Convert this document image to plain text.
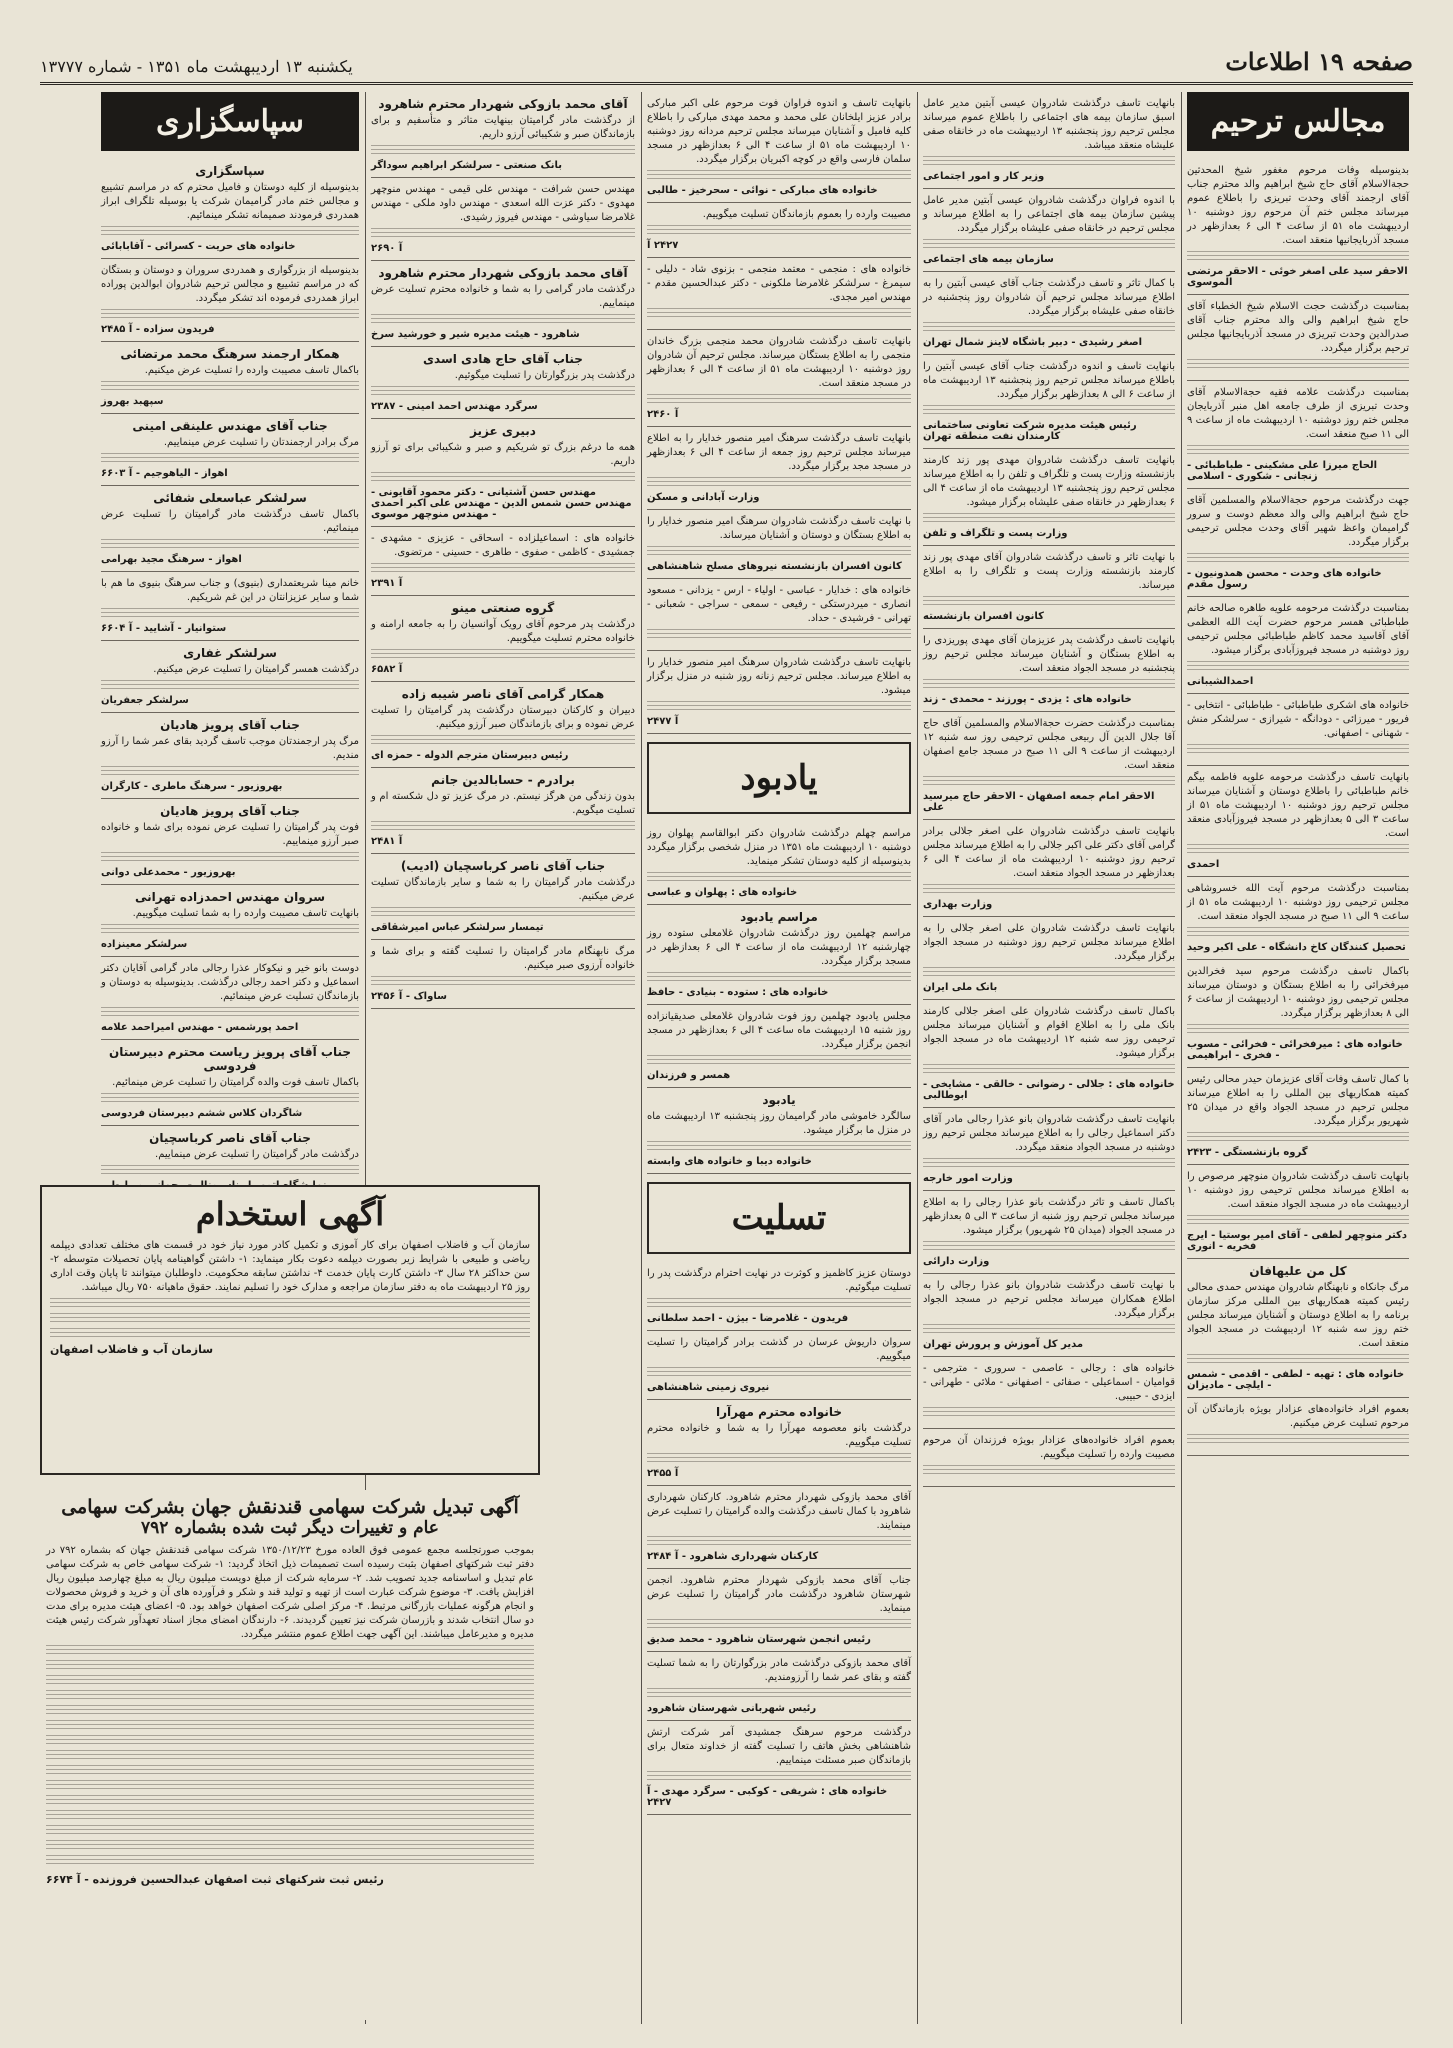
صفحه ۱۹ اطلاعات
یکشنبه ۱۳ اردیبهشت ماه ۱۳۵۱ - شماره ۱۳۷۷۷
مجالس ترحیم

بدینوسیله وفات مرحوم مغفور شیخ المحدثین حجةالاسلام آقای حاج شیخ ابراهیم والد محترم جناب آقای ارجمند آقای وحدت تبریزی را باطلاع عموم میرساند مجلس ختم آن مرحوم روز دوشنبه ۱۰ اردیبهشت ماه ۵۱ از ساعت ۴ الی ۶ بعدازظهر در مسجد آذربایجانیها منعقد است.

الاحقر سید علی اصغر خوئی - الاحقر مرتضی الموسوی

بمناسبت درگذشت حجت الاسلام شیخ الخطباء آقای حاج شیخ ابراهیم والی والد محترم جناب آقای صدرالدین وحدت تبریزی در مسجد آذربایجانیها مجلس ترحیم برگزار میگردد.

بمناسبت درگذشت علامه فقیه حجةالاسلام آقای وحدت تبریزی از طرف جامعه اهل منبر آذربایجان مجلس ختم روز دوشنبه ۱۰ اردیبهشت ماه از ساعت ۹ الی ۱۱ صبح منعقد است.

الحاج میرزا علی مشکینی - طباطبائی - زنجانی - شکوری - اسلامی

جهت درگذشت مرحوم حجةالاسلام والمسلمین آقای حاج شیخ ابراهیم والی والد معظم دوست و سرور گرامیمان واعظ شهیر آقای وحدت مجلس ترحیمی برگزار میگردد.

خانواده های وحدت - محسن همدونیون - رسول مقدم

بمناسبت درگذشت مرحومه علویه طاهره صالحه خانم طباطبائی همسر مرحوم حضرت آیت الله العظمی آقای آقاسید محمد کاظم طباطبائی مجلس ترحیمی روز دوشنبه در مسجد فیروزآبادی برگزار میشود.

احمدالشیبانی

خانواده های اشکری طباطبائی - طباطبائی - انتخابی - فریور - میرزائی - دودانگه - شیرازی - سرلشکر منش - شهنانی - اصفهانی.

بانهایت تاسف درگذشت مرحومه علویه فاطمه بیگم خانم طباطبائی را باطلاع دوستان و آشنایان میرساند مجلس ترحیم روز دوشنبه ۱۰ اردیبهشت ماه ۵۱ از ساعت ۳ الی ۵ بعدازظهر در مسجد فیروزآبادی منعقد است.

احمدی

بمناسبت درگذشت مرحوم آیت الله خسروشاهی مجلس ترحیمی روز دوشنبه ۱۰ اردیبهشت ماه ۵۱ از ساعت ۹ الی ۱۱ صبح در مسجد الجواد منعقد است.

تحصیل کنندگان کاخ دانشگاه - علی اکبر وحید

باکمال تاسف درگذشت مرحوم سید فخرالدین میرفخرائی را به اطلاع بستگان و دوستان میرساند مجلس ترحیمی روز دوشنبه ۱۰ اردیبهشت از ساعت ۶ الی ۸ بعدازظهر برگزار میگردد.

خانواده های : میرفخرائی - فخرائی - مسوب - فخری - ابراهیمی

با کمال تاسف وفات آقای عزیزمان حیدر محالی رئیس کمیته همکاریهای بین المللی را به اطلاع میرساند مجلس ترحیم در مسجد الجواد واقع در میدان ۲۵ شهریور برگزار میگردد.

گروه بازنشستگی - ۲۴۲۳

بانهایت تاسف درگذشت شادروان منوچهر مرصوص را به اطلاع میرساند مجلس ترحیمی روز دوشنبه ۱۰ اردیبهشت ماه در مسجد الجواد منعقد است.

دکتر منوچهر لطفی - آقای امیر بوستیا - ایرج فخریه - انوری
کل من علیهافان

مرگ جانکاه و نابهنگام شادروان مهندس حمدی محالی رئیس کمیته همکاریهای بین المللی مرکز سازمان برنامه را به اطلاع دوستان و آشنایان میرساند مجلس ختم روز سه شنبه ۱۲ اردیبهشت در مسجد الجواد منعقد است.

خانواده های : تهیه - لطفی - اقدمی - شمس - ایلچی - مادیزان

بعموم افراد خانواده‌های عزادار بویژه بازماندگان آن مرحوم تسلیت عرض میکنیم.

بانهایت تاسف درگذشت شادروان عیسی آبتین مدیر عامل اسبق سازمان بیمه های اجتماعی را باطلاع عموم میرساند مجلس ترحیم روز پنجشنبه ۱۳ اردیبهشت ماه در خانقاه صفی علیشاه منعقد میباشد.

وزیر کار و امور اجتماعی

با اندوه فراوان درگذشت شادروان عیسی آبتین مدیر عامل پیشین سازمان بیمه های اجتماعی را به اطلاع میرساند و مجلس ترحیم در خانقاه صفی علیشاه برگزار میگردد.

سازمان بیمه های اجتماعی

با کمال تاثر و تاسف درگذشت جناب آقای عیسی آبتین را به اطلاع میرساند مجلس ترحیم آن شادروان روز پنجشنبه در خانقاه صفی علیشاه برگزار میگردد.

اصغر رشیدی - دبیر باشگاه لاینز شمال تهران

بانهایت تاسف و اندوه درگذشت جناب آقای عیسی آبتین را باطلاع میرساند مجلس ترحیم روز پنجشنبه ۱۳ اردیبهشت ماه از ساعت ۶ الی ۸ بعدازظهر برگزار میگردد.

رئیس هیئت مدیره شرکت تعاونی ساختمانی کارمندان نفت منطقه تهران

بانهایت تاسف درگذشت شادروان مهدی پور زند کارمند بازنشسته وزارت پست و تلگراف و تلفن را به اطلاع میرساند مجلس ترحیم روز پنجشنبه ۱۳ اردیبهشت ماه از ساعت ۴ الی ۶ بعدازظهر در خانقاه صفی علیشاه برگزار میشود.

وزارت پست و تلگراف و تلفن

با نهایت تاثر و تاسف درگذشت شادروان آقای مهدی پور زند کارمند بازنشسته وزارت پست و تلگراف را به اطلاع میرساند.

کانون افسران بازنشسته

بانهایت تاسف درگذشت پدر عزیزمان آقای مهدی پوریزدی را به اطلاع بستگان و آشنایان میرساند مجلس ترحیم روز پنجشنبه در مسجد الجواد منعقد است.

خانواده های : یزدی - پورزند - محمدی - زند

بمناسبت درگذشت حضرت حجةالاسلام والمسلمین آقای حاج آقا جلال الدین آل ربیعی مجلس ترحیمی روز سه شنبه ۱۲ اردیبهشت از ساعت ۹ الی ۱۱ صبح در مسجد جامع اصفهان منعقد است.

الاحقر امام جمعه اصفهان - الاحقر حاج میرسید علی

بانهایت تاسف درگذشت شادروان علی اصغر جلالی برادر گرامی آقای دکتر علی اکبر جلالی را به اطلاع میرساند مجلس ترحیم روز دوشنبه ۱۰ اردیبهشت ماه از ساعت ۴ الی ۶ بعدازظهر در مسجد الجواد منعقد است.

وزارت بهداری

بانهایت تاسف درگذشت شادروان علی اصغر جلالی را به اطلاع میرساند مجلس ترحیم روز دوشنبه در مسجد الجواد برگزار میگردد.

بانک ملی ایران

باکمال تاسف درگذشت شادروان علی اصغر جلالی کارمند بانک ملی را به اطلاع اقوام و آشنایان میرساند مجلس ترحیمی روز سه شنبه ۱۲ اردیبهشت ماه در مسجد الجواد برگزار میشود.

خانواده های : جلالی - رضوانی - خالقی - مشایخی - ابوطالبی

بانهایت تاسف درگذشت شادروان بانو عذرا رجالی مادر آقای دکتر اسماعیل رجالی را به اطلاع میرساند مجلس ترحیم روز دوشنبه در مسجد الجواد منعقد میگردد.

وزارت امور خارجه

باکمال تاسف و تاثر درگذشت بانو عذرا رجالی را به اطلاع میرساند مجلس ترحیم روز شنبه از ساعت ۳ الی ۵ بعدازظهر در مسجد الجواد (میدان ۲۵ شهریور) برگزار میشود.

وزارت دارائی

با نهایت تاسف درگذشت شادروان بانو عذرا رجالی را به اطلاع همکاران میرساند مجلس ترحیم در مسجد الجواد برگزار میگردد.

مدیر کل آموزش و پرورش تهران

خانواده های : رجالی - عاصمی - سروری - مترجمی - قوامیان - اسماعیلی - صفائی - اصفهانی - ملائی - طهرانی - ایزدی - حبیبی.

بعموم افراد خانواده‌های عزادار بویژه فرزندان آن مرحوم مصیبت وارده را تسلیت میگوییم.

بانهایت تاسف و اندوه فراوان فوت مرحوم علی اکبر مبارکی برادر عزیز ایلخانان علی محمد و محمد مهدی مبارکی را باطلاع کلیه فامیل و آشنایان میرساند مجلس ترحیم مردانه روز دوشنبه ۱۰ اردیبهشت ماه ۵۱ از ساعت ۴ الی ۶ بعدازظهر در مسجد سلمان فارسی واقع در کوچه اکبریان برگزار میگردد.

خانواده های مبارکی - نوائی - سحرخیز - طالبی

مصیبت وارده را بعموم بازماندگان تسلیت میگوییم.

۲۴۲۷ آ

خانواده های : منجمی - معتمد منجمی - بزنوی شاد - دلیلی - سیمرغ - سرلشکر غلامرضا ملکونی - دکتر عبدالحسین مقدم - مهندس امیر مجدی.

بانهایت تاسف درگذشت شادروان محمد منجمی بزرگ خاندان منجمی را به اطلاع بستگان میرساند. مجلس ترحیم آن شادروان روز دوشنبه ۱۰ اردیبهشت ماه ۵۱ از ساعت ۴ الی ۶ بعدازظهر در مسجد منعقد است.

آ ۲۴۶۰

بانهایت تاسف درگذشت سرهنگ امیر منصور خدایار را به اطلاع میرساند مجلس ترحیم روز جمعه از ساعت ۴ الی ۶ بعدازظهر در مسجد مجد برگزار میگردد.

وزارت آبادانی و مسکن

با نهایت تاسف درگذشت شادروان سرهنگ امیر منصور خدایار را به اطلاع بستگان و دوستان و آشنایان میرساند.

کانون افسران بازنشسته نیروهای مسلح شاهنشاهی

خانواده های : خدایار - عباسی - اولیاء - ارس - یزدانی - مسعود انصاری - میردرستکی - رفیعی - سمعی - سراجی - شعبانی - تهرانی - فرشیدی - حداد.

بانهایت تاسف درگذشت شادروان سرهنگ امیر منصور خدایار را به اطلاع میرساند. مجلس ترحیم زنانه روز شنبه در منزل برگزار میشود.

آ ۲۴۷۷
یادبود

مراسم چهلم درگذشت شادروان دکتر ابوالقاسم پهلوان روز دوشنبه ۱۰ اردیبهشت ماه ۱۳۵۱ در منزل شخصی برگزار میگردد بدینوسیله از کلیه دوستان تشکر مینماید.

خانواده های : پهلوان و عباسی
مراسم یادبود

مراسم چهلمین روز درگذشت شادروان غلامعلی ستوده روز چهارشنبه ۱۲ اردیبهشت ماه از ساعت ۴ الی ۶ بعدازظهر در مسجد برگزار میگردد.

خانواده های : ستوده - بنیادی - حافظ

مجلس یادبود چهلمین روز فوت شادروان غلامعلی صدیقیانزاده روز شنبه ۱۵ اردیبهشت ماه ساعت ۴ الی ۶ بعدازظهر در مسجد انجمن برگزار میگردد.

همسر و فرزندان
یادبود

سالگرد خاموشی مادر گرامیمان روز پنجشنبه ۱۳ اردیبهشت ماه در منزل ما برگزار میشود.

خانواده دیبا و خانواده های وابسته
تسلیت

دوستان عزیز کاظمیز و کوثرت در نهایت احترام درگذشت پدر را تسلیت میگوئیم.

فریدون - غلامرضا - بیژن - احمد سلطانی

سروان داریوش عرسان در گذشت برادر گرامیتان را تسلیت میگوییم.

نیروی زمینی شاهنشاهی
خانواده محترم مهرآرا

درگذشت بانو معصومه مهرآرا را به شما و خانواده محترم تسلیت میگوییم.

آ ۲۴۵۵

آقای محمد بازوکی شهردار محترم شاهرود. کارکنان شهرداری شاهرود با کمال تاسف درگذشت والده گرامیتان را تسلیت عرض مینمایند.

کارکنان شهرداری شاهرود - آ ۲۴۸۴

جناب آقای محمد بازوکی شهردار محترم شاهرود. انجمن شهرستان شاهرود درگذشت مادر گرامیتان را تسلیت عرض مینماید.

رئیس انجمن شهرستان شاهرود - محمد صدیق

آقای محمد بازوکی درگذشت مادر بزرگوارتان را به شما تسلیت گفته و بقای عمر شما را آرزومندیم.

رئیس شهربانی شهرستان شاهرود

درگذشت مرحوم سرهنگ جمشیدی آمر شرکت ارتش شاهنشاهی بخش هاتف را تسلیت گفته از خداوند متعال برای بازماندگان صبر مسئلت مینماییم.

خانواده های : شریفی - کوکبی - سرگرد مهدی - آ ۲۴۲۷
آقای محمد بازوکی شهردار محترم شاهرود

از درگذشت مادر گرامیتان بینهایت متاثر و متأسفیم و برای بازماندگان صبر و شکیبائی آرزو داریم.

بانک صنعتی - سرلشکر ابراهیم سوداگر

مهندس حسن شرافت - مهندس علی قیمی - مهندس منوچهر مهدوی - دکتر عزت الله اسعدی - مهندس داود ملکی - مهندس غلامرضا سیاوشی - مهندس فیروز رشیدی.

آ ۲۶۹۰
آقای محمد بازوکی شهردار محترم شاهرود

درگذشت مادر گرامی را به شما و خانواده محترم تسلیت عرض مینماییم.

شاهرود - هیئت مدیره شیر و خورشید سرخ
جناب آقای حاج هادی اسدی

درگذشت پدر بزرگوارتان را تسلیت میگوئیم.

سرگرد مهندس احمد امینی - ۲۳۸۷
دبیری عزیز

همه ما درغم بزرگ تو شریکیم و صبر و شکیبائی برای تو آرزو داریم.

مهندس حسن آشتیانی - دکتر محمود آقایونی - مهندس حسن شمس الدین - مهندس علی اکبر احمدی - مهندس منوچهر موسوی

خانواده های : اسماعیلزاده - اسحاقی - عزیزی - مشهدی - جمشیدی - کاظمی - صفوی - طاهری - حسینی - مرتضوی.

آ ۲۳۹۱
گروه صنعتی مینو

درگذشت پدر مرحوم آقای رویک آوانسیان را به جامعه ارامنه و خانواده محترم تسلیت میگوییم.

آ ۶۵۸۲
همکار گرامی آقای ناصر شیبه زاده

دبیران و کارکنان دبیرستان درگذشت پدر گرامیتان را تسلیت عرض نموده و برای بازماندگان صبر آرزو میکنیم.

رئیس دبیرستان مترجم الدوله - حمزه ای
برادرم - حسابالدین جانم

بدون زندگی من هرگز نیستم. در مرگ عزیز تو دل شکسته ام و تسلیت میگویم.

آ ۲۴۸۱
جناب آقای ناصر کرباسچیان (ادیب)

درگذشت مادر گرامیتان را به شما و سایر بازماندگان تسلیت عرض میکنیم.

تیمسار سرلشکر عباس امیرشقاقی

مرگ نابهنگام مادر گرامیتان را تسلیت گفته و برای شما و خانواده آرزوی صبر میکنیم.

ساواک - آ ۲۴۵۶
سپاسگزاری
سپاسگزاری

بدینوسیله از کلیه دوستان و فامیل محترم که در مراسم تشییع و مجالس ختم مادر گرامیمان شرکت یا بوسیله تلگراف ابراز همدردی فرمودند صمیمانه تشکر مینمائیم.

خانواده های حریت - کسرائی - آقابابائی

بدینوسیله از بزرگواری و همدردی سروران و دوستان و بستگان که در مراسم تشییع و مجالس ترحیم شادروان ابوالدین پوراده ابراز همدردی فرموده اند تشکر میگردد.

فریدون سزاده - آ ۲۴۸۵
همکار ارجمند سرهنگ محمد مرتضائی

باکمال تاسف مصیبت وارده را تسلیت عرض میکنیم.

سپهبد بهروز
جناب آقای مهندس علینقی امینی

مرگ برادر ارجمندتان را تسلیت عرض مینماییم.

اهواز - الیاهوجیم - آ ۶۶۰۳
سرلشکر عباسعلی شفائی

باکمال تاسف درگذشت مادر گرامیتان را تسلیت عرض مینمائیم.

اهواز - سرهنگ مجید بهرامی

خانم مینا شریعتمداری (بنیوی) و جناب سرهنگ بنیوی ما هم با شما و سایر عزیزانتان در این غم شریکیم.

ستوانیار - آشایید - آ ۶۶۰۴
سرلشکر غفاری

درگذشت همسر گرامیتان را تسلیت عرض میکنیم.

سرلشکر جعفریان
جناب آقای پرویز هادیان

مرگ پدر ارجمندتان موجب تاسف گردید بقای عمر شما را آرزو مندیم.

بهروزیور - سرهنگ ماطری - کارگران
جناب آقای پرویز هادیان

فوت پدر گرامیتان را تسلیت عرض نموده برای شما و خانواده صبر آرزو مینماییم.

بهروزیور - محمدعلی دوانی
سروان مهندس احمدزاده تهرانی

بانهایت تاسف مصیبت وارده را به شما تسلیت میگوییم.

سرلشکر معینزاده

دوست بانو خیر و نیکوکار عذرا رجالی مادر گرامی آقایان دکتر اسماعیل و دکتر احمد رجالی درگذشت. بدینوسیله به دوستان و بازماندگان تسلیت عرض مینمائیم.

احمد پورشمس - مهندس امیراحمد علامه
جناب آقای پرویز ریاست محترم دبیرستان فردوسی

باکمال تاسف فوت والده گرامیتان را تسلیت عرض مینمائیم.

شاگردان کلاس ششم دبیرستان فردوسی
جناب آقای ناصر کرباسچیان

درگذشت مادر گرامیتان را تسلیت عرض مینماییم.

آگهی استخدام

سازمان آب و فاضلاب اصفهان برای کار آموزی و تکمیل کادر مورد نیاز خود در قسمت های مختلف تعدادی دیپلمه ریاضی و طبیعی با شرایط زیر بصورت دیپلمه دعوت بکار مینماید: ۱- داشتن گواهینامه پایان تحصیلات متوسطه ۲- سن حداکثر ۲۸ سال ۳- داشتن کارت پایان خدمت ۴- نداشتن سابقه محکومیت. داوطلبان میتوانند تا پایان وقت اداری روز ۲۵ اردیبهشت ماه به دفتر سازمان مراجعه و مدارک خود را تسلیم نمایند. حقوق ماهیانه ۷۵۰ ریال میباشد.

سازمان آب و فاضلاب اصفهان
آگهی تبدیل شرکت سهامی قندنقش جهان بشرکت سهامی
عام و تغییرات دیگر ثبت شده بشماره ۷۹۲

بموجب صورتجلسه مجمع عمومی فوق العاده مورخ ۱۳۵۰/۱۲/۲۳ شرکت سهامی قندنقش جهان که بشماره ۷۹۲ در دفتر ثبت شرکتهای اصفهان بثبت رسیده است تصمیمات ذیل اتخاذ گردید: ۱- شرکت سهامی خاص به شرکت سهامی عام تبدیل و اساسنامه جدید تصویب شد. ۲- سرمایه شرکت از مبلغ دویست میلیون ریال به مبلغ چهارصد میلیون ریال افزایش یافت. ۳- موضوع شرکت عبارت است از تهیه و تولید قند و شکر و فرآورده های آن و خرید و فروش محصولات و انجام هرگونه عملیات بازرگانی مرتبط. ۴- مرکز اصلی شرکت اصفهان خواهد بود. ۵- اعضای هیئت مدیره برای مدت دو سال انتخاب شدند و بازرسان شرکت نیز تعیین گردیدند. ۶- دارندگان امضای مجاز اسناد تعهدآور شرکت رئیس هیئت مدیره و مدیرعامل میباشند. این آگهی جهت اطلاع عموم منتشر میگردد.

رئیس ثبت شرکتهای ثبت اصفهان عبدالحسین فروزنده - آ ۶۶۷۴
